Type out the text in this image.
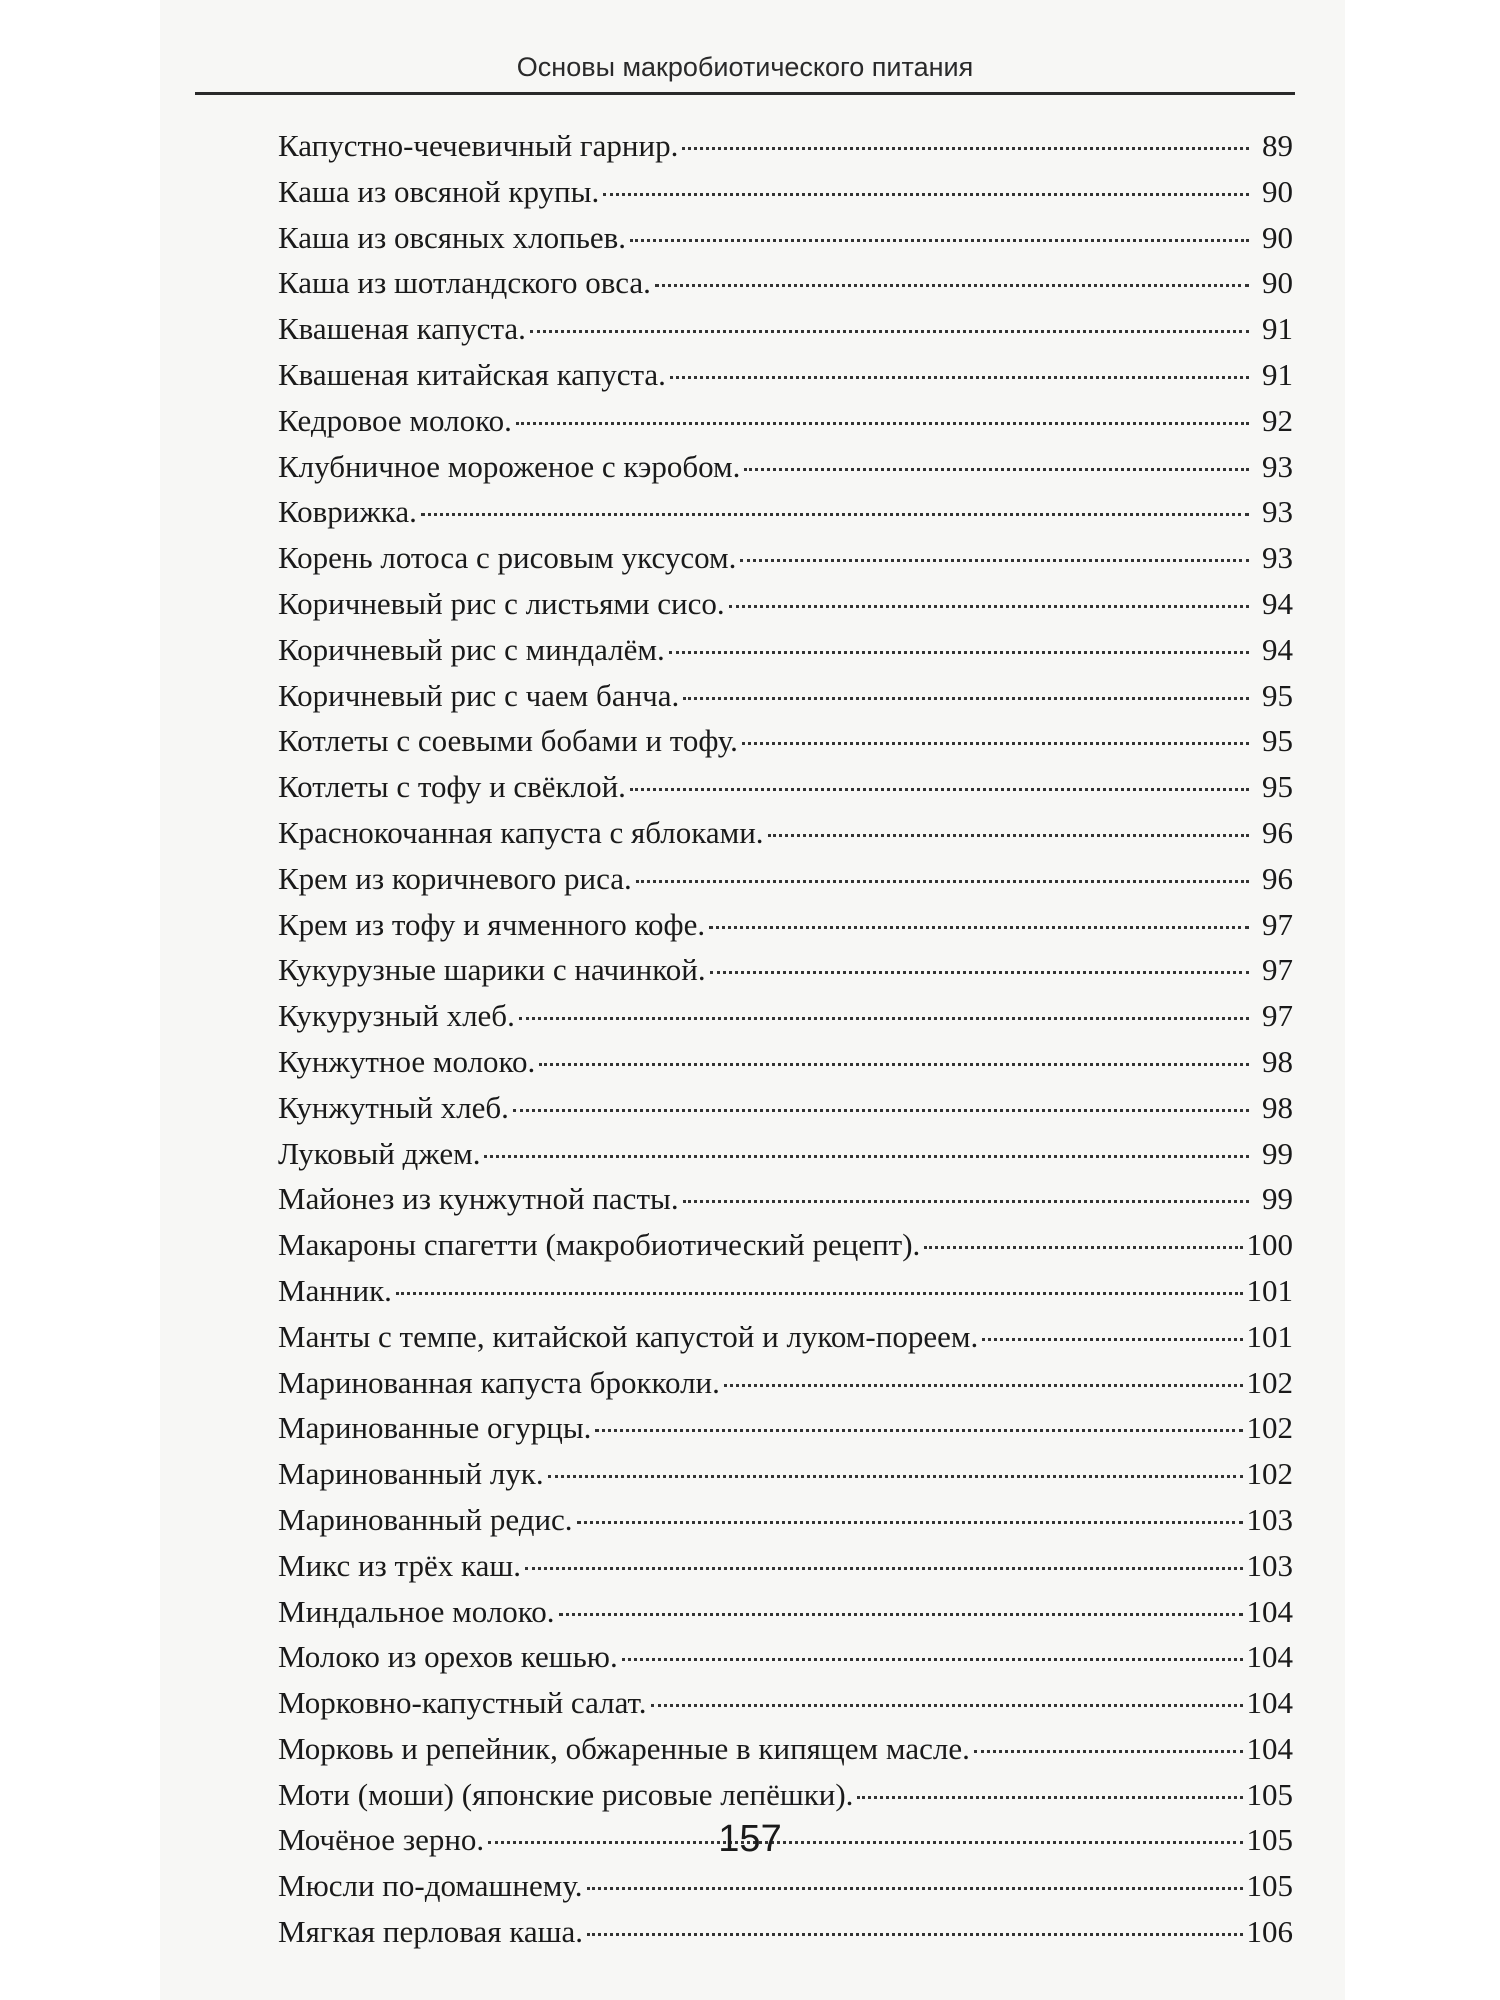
Основы макробиотического питания
Капустно-чечевичный гарнир.	89
Каша из овсяной крупы.	90
Каша из овсяных хлопьев.	90
Каша из шотландского овса.	90
Квашеная капуста.	91
Квашеная китайская капуста.	91
Кедровое молоко.	92
Клубничное мороженое с кэробом.	93
Коврижка.	93
Корень лотоса с рисовым уксусом.	93
Коричневый рис с листьями сисо.	94
Коричневый рис с миндалём.	94
Коричневый рис с чаем банча.	95
Котлеты с соевыми бобами и тофу.	95
Котлеты с тофу и свёклой.	95
Краснокочанная капуста с яблоками.	96
Крем из коричневого риса.	96
Крем из тофу и ячменного кофе.	97
Кукурузные шарики с начинкой.	97
Кукурузный хлеб.	97
Кунжутное молоко.	98
Кунжутный хлеб.	98
Луковый джем.	99
Майонез из кунжутной пасты.	99
Макароны спагетти (макробиотический рецепт).	100
Манник.	101
Манты с темпе, китайской капустой и луком-пореем.	101
Маринованная капуста брокколи.	102
Маринованные огурцы.	102
Маринованный лук.	102
Маринованный редис.	103
Микс из трёх каш.	103
Миндальное молоко.	104
Молоко из орехов кешью.	104
Морковно-капустный салат.	104
Морковь и репейник, обжаренные в кипящем масле.	104
Моти (моши) (японские рисовые лепёшки).	105
Мочёное зерно.	105
Мюсли по-домашнему.	105
Мягкая перловая каша.	106
157
